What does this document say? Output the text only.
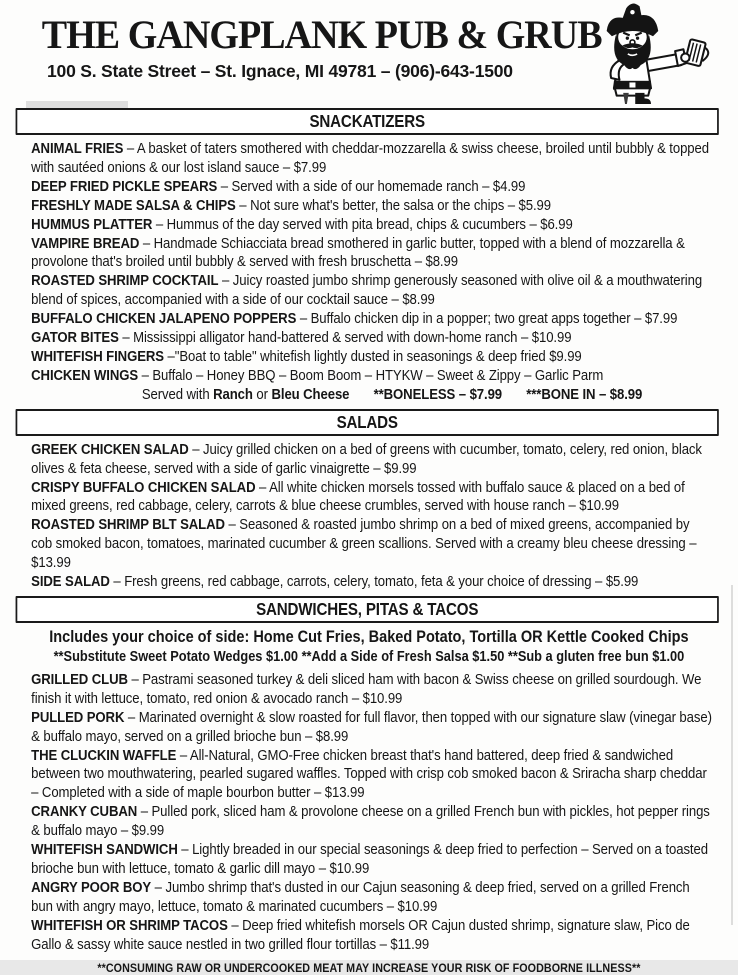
THE GANGPLANK PUB & GRUB
100 S. State Street – St. Ignace, MI 49781 – (906)-643-1500
SNACKATIZERS

ANIMAL FRIES – A basket of taters smothered with cheddar-mozzarella & swiss cheese, broiled until bubbly & topped with sautéed onions & our lost island sauce – $7.99

DEEP FRIED PICKLE SPEARS – Served with a side of our homemade ranch – $4.99

FRESHLY MADE SALSA & CHIPS – Not sure what's better, the salsa or the chips – $5.99

HUMMUS PLATTER – Hummus of the day served with pita bread, chips & cucumbers – $6.99

VAMPIRE BREAD – Handmade Schiacciata bread smothered in garlic butter, topped with a blend of mozzarella & provolone that's broiled until bubbly & served with fresh bruschetta – $8.99

ROASTED SHRIMP COCKTAIL – Juicy roasted jumbo shrimp generously seasoned with olive oil & a mouthwatering blend of spices, accompanied with a side of our cocktail sauce – $8.99

BUFFALO CHICKEN JALAPENO POPPERS – Buffalo chicken dip in a popper; two great apps together – $7.99

GATOR BITES – Mississippi alligator hand-battered & served with down-home ranch – $10.99

WHITEFISH FINGERS –"Boat to table" whitefish lightly dusted in seasonings & deep fried $9.99

CHICKEN WINGS – Buffalo – Honey BBQ – Boom Boom – HTYKW – Sweet & Zippy – Garlic Parm

Served with Ranch or Bleu Cheese **BONELESS – $7.99 ***BONE IN – $8.99

SALADS

GREEK CHICKEN SALAD – Juicy grilled chicken on a bed of greens with cucumber, tomato, celery, red onion, black olives & feta cheese, served with a side of garlic vinaigrette – $9.99

CRISPY BUFFALO CHICKEN SALAD – All white chicken morsels tossed with buffalo sauce & placed on a bed of mixed greens, red cabbage, celery, carrots & blue cheese crumbles, served with house ranch – $10.99

ROASTED SHRIMP BLT SALAD – Seasoned & roasted jumbo shrimp on a bed of mixed greens, accompanied by cob smoked bacon, tomatoes, marinated cucumber & green scallions. Served with a creamy bleu cheese dressing – $13.99

SIDE SALAD – Fresh greens, red cabbage, carrots, celery, tomato, feta & your choice of dressing – $5.99

SANDWICHES, PITAS & TACOS

Includes your choice of side: Home Cut Fries, Baked Potato, Tortilla OR Kettle Cooked Chips

**Substitute Sweet Potato Wedges $1.00 **Add a Side of Fresh Salsa $1.50 **Sub a gluten free bun $1.00

GRILLED CLUB – Pastrami seasoned turkey & deli sliced ham with bacon & Swiss cheese on grilled sourdough. We finish it with lettuce, tomato, red onion & avocado ranch – $10.99

PULLED PORK – Marinated overnight & slow roasted for full flavor, then topped with our signature slaw (vinegar base) & buffalo mayo, served on a grilled brioche bun – $8.99

THE CLUCKIN WAFFLE – All-Natural, GMO-Free chicken breast that's hand battered, deep fried & sandwiched between two mouthwatering, pearled sugared waffles. Topped with crisp cob smoked bacon & Sriracha sharp cheddar – Completed with a side of maple bourbon butter – $13.99

CRANKY CUBAN – Pulled pork, sliced ham & provolone cheese on a grilled French bun with pickles, hot pepper rings & buffalo mayo – $9.99

WHITEFISH SANDWICH – Lightly breaded in our special seasonings & deep fried to perfection – Served on a toasted brioche bun with lettuce, tomato & garlic dill mayo – $10.99

ANGRY POOR BOY – Jumbo shrimp that's dusted in our Cajun seasoning & deep fried, served on a grilled French bun with angry mayo, lettuce, tomato & marinated cucumbers – $10.99

WHITEFISH OR SHRIMP TACOS – Deep fried whitefish morsels OR Cajun dusted shrimp, signature slaw, Pico de Gallo & sassy white sauce nestled in two grilled flour tortillas – $11.99

**CONSUMING RAW OR UNDERCOOKED MEAT MAY INCREASE YOUR RISK OF FOODBORNE ILLNESS**
